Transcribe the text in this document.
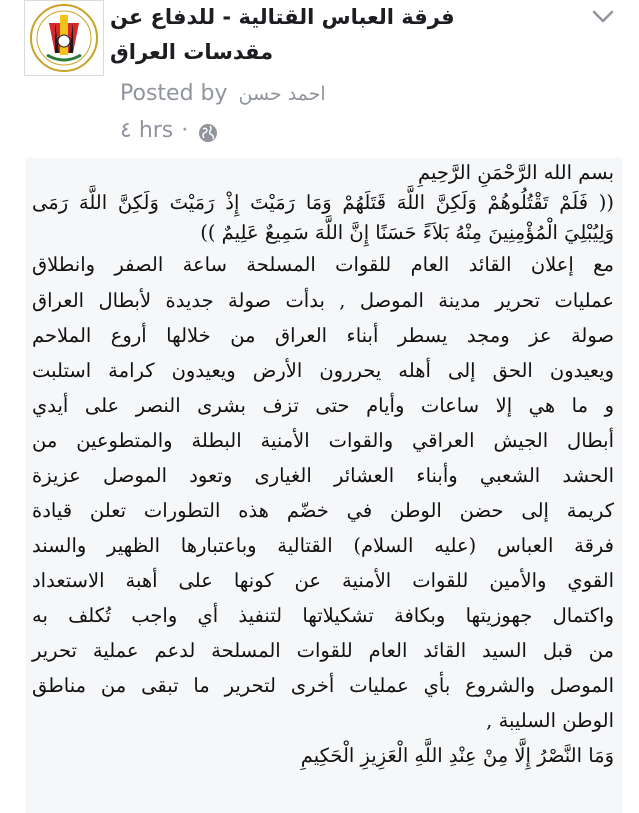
فرقة العباس القتالية - للدفاع عن
مقدسات العراق
Posted by احمد حسن
٤ hrs ·
بسم الله الرَّحْمَنِ الرَّحِيمِ
(( فَلَمْ تَقْتُلُوهُمْ وَلَكِنَّ اللَّهَ قَتَلَهُمْ وَمَا رَمَيْتَ إِذْ رَمَيْتَ وَلَكِنَّ اللَّهَ رَمَى
وَلِيُبْلِيَ الْمُؤْمِنِينَ مِنْهُ بَلاَءً حَسَنًا إِنَّ اللَّهَ سَمِيعٌ عَلِيمٌ ))
مع إعلان القائد العام للقوات المسلحة ساعة الصفر وانطلاق
عمليات تحرير مدينة الموصل , بدأت صولة جديدة لأبطال العراق
صولة عز ومجد يسطر أبناء العراق من خلالها أروع الملاحم
ويعيدون الحق إلى أهله يحررون الأرض ويعيدون كرامة استلبت
و ما هي إلا ساعات وأيام حتى تزف بشرى النصر على أيدي
أبطال الجيش العراقي والقوات الأمنية البطلة والمتطوعين من
الحشد الشعبي وأبناء العشائر الغيارى وتعود الموصل عزيزة
كريمة إلى حضن الوطن في خضّم هذه التطورات تعلن قيادة
فرقة العباس (عليه السلام) القتالية وباعتبارها الظهير والسند
القوي والأمين للقوات الأمنية عن كونها على أهبة الاستعداد
واكتمال جهوزيتها وبكافة تشكيلاتها لتنفيذ أي واجب تُكلف به
من قبل السيد القائد العام للقوات المسلحة لدعم عملية تحرير
الموصل والشروع بأي عمليات أخرى لتحرير ما تبقى من مناطق
الوطن السليبة ,
وَمَا النَّصْرُ إِلَّا مِنْ عِنْدِ اللَّهِ الْعَزِيزِ الْحَكِيمِ
